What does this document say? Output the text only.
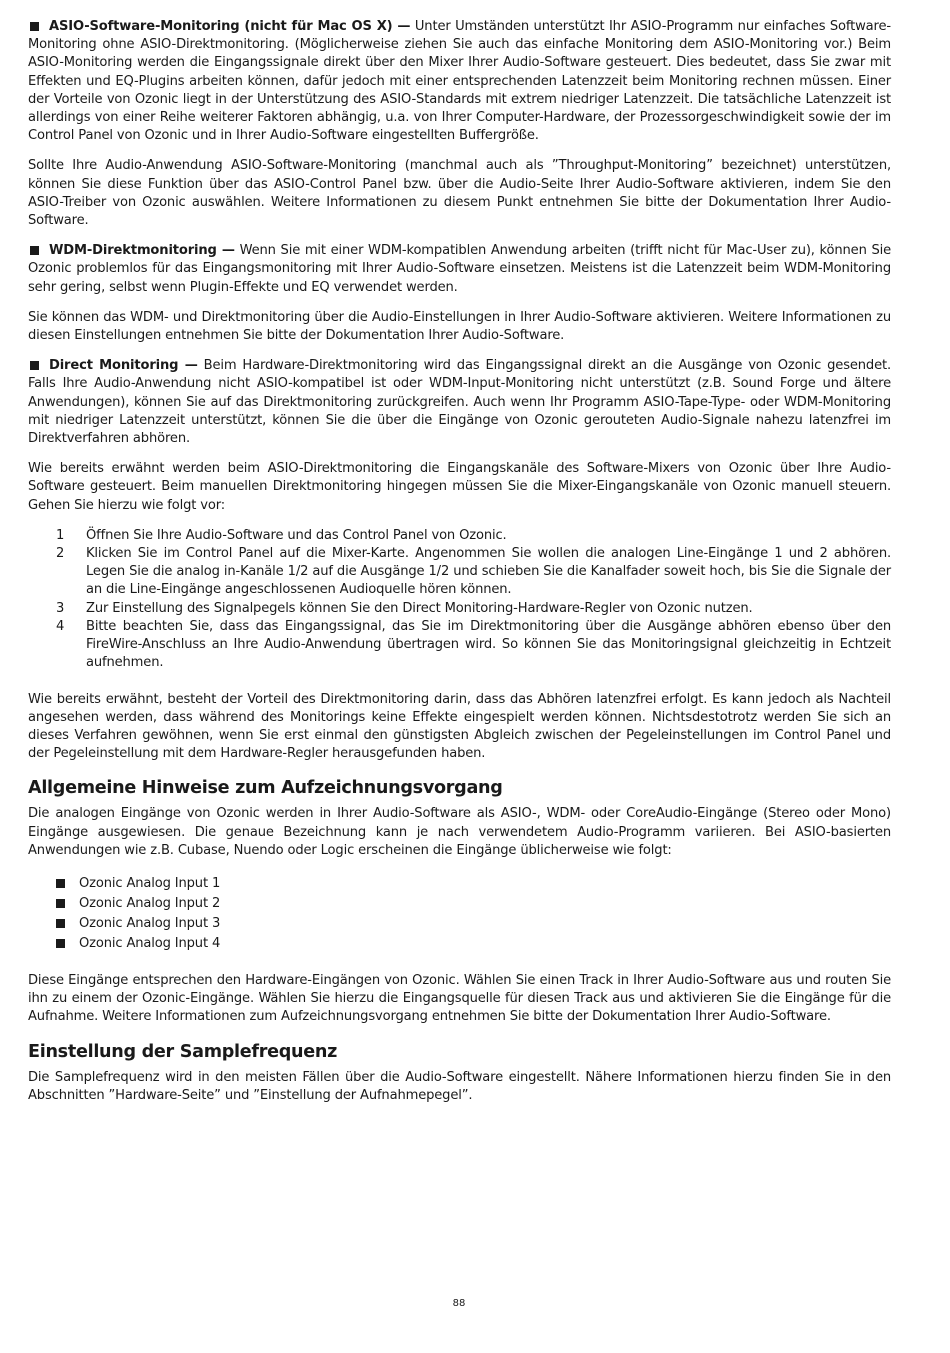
ASIO-Software-Monitoring (nicht für Mac OS X) — Unter Umständen unterstützt Ihr ASIO-Programm nur einfaches Software-Monitoring ohne ASIO-Direktmonitoring. (Möglicherweise ziehen Sie auch das einfache Monitoring dem ASIO-Monitoring vor.) Beim ASIO-Monitoring werden die Eingangssignale direkt über den Mixer Ihrer Audio-Software gesteuert. Dies bedeutet, dass Sie zwar mit Effekten und EQ-Plugins arbeiten können, dafür jedoch mit einer entsprechenden Latenzzeit beim Monitoring rechnen müssen. Einer der Vorteile von Ozonic liegt in der Unterstützung des ASIO-Standards mit extrem niedriger Latenzzeit. Die tatsächliche Latenzzeit ist allerdings von einer Reihe weiterer Faktoren abhängig, u.a. von Ihrer Computer-Hardware, der Prozessorgeschwindigkeit sowie der im Control Panel von Ozonic und in Ihrer Audio-Software eingestellten Buffergröße.

Sollte Ihre Audio-Anwendung ASIO-Software-Monitoring (manchmal auch als ”Throughput-Monitoring” bezeichnet) unterstützen, können Sie diese Funktion über das ASIO-Control Panel bzw. über die Audio-Seite Ihrer Audio-Software aktivieren, indem Sie den ASIO-Treiber von Ozonic auswählen. Weitere Informationen zu diesem Punkt entnehmen Sie bitte der Dokumentation Ihrer Audio-Software.

WDM-Direktmonitoring — Wenn Sie mit einer WDM-kompatiblen Anwendung arbeiten (trifft nicht für Mac-User zu), können Sie Ozonic problemlos für das Eingangsmonitoring mit Ihrer Audio-Software einsetzen. Meistens ist die Latenzzeit beim WDM-Monitoring sehr gering, selbst wenn Plugin-Effekte und EQ verwendet werden.

Sie können das WDM- und Direktmonitoring über die Audio-Einstellungen in Ihrer Audio-Software aktivieren. Weitere Informationen zu diesen Einstellungen entnehmen Sie bitte der Dokumentation Ihrer Audio-Software.

Direct Monitoring — Beim Hardware-Direktmonitoring wird das Eingangssignal direkt an die Ausgänge von Ozonic gesendet. Falls Ihre Audio-Anwendung nicht ASIO-kompatibel ist oder WDM-Input-Monitoring nicht unterstützt (z.B. Sound Forge und ältere Anwendungen), können Sie auf das Direktmonitoring zurückgreifen. Auch wenn Ihr Programm ASIO-Tape-Type- oder WDM-Monitoring mit niedriger Latenzzeit unterstützt, können Sie die über die Eingänge von Ozonic gerouteten Audio-Signale nahezu latenzfrei im Direktverfahren abhören.

Wie bereits erwähnt werden beim ASIO-Direktmonitoring die Eingangskanäle des Software-Mixers von Ozonic über Ihre Audio-Software gesteuert. Beim manuellen Direktmonitoring hingegen müssen Sie die Mixer-Eingangskanäle von Ozonic manuell steuern. Gehen Sie hierzu wie folgt vor:

1 Öffnen Sie Ihre Audio-Software und das Control Panel von Ozonic.
2 Klicken Sie im Control Panel auf die Mixer-Karte. Angenommen Sie wollen die analogen Line-Eingänge 1 und 2 abhören. Legen Sie die analog in-Kanäle 1/2 auf die Ausgänge 1/2 und schieben Sie die Kanalfader soweit hoch, bis Sie die Signale der an die Line-Eingänge angeschlossenen Audioquelle hören können.
3 Zur Einstellung des Signalpegels können Sie den Direct Monitoring-Hardware-Regler von Ozonic nutzen.
4 Bitte beachten Sie, dass das Eingangssignal, das Sie im Direktmonitoring über die Ausgänge abhören ebenso über den FireWire-Anschluss an Ihre Audio-Anwendung übertragen wird. So können Sie das Monitoringsignal gleichzeitig in Echtzeit aufnehmen.

Wie bereits erwähnt, besteht der Vorteil des Direktmonitoring darin, dass das Abhören latenzfrei erfolgt. Es kann jedoch als Nachteil angesehen werden, dass während des Monitorings keine Effekte eingespielt werden können. Nichtsdestotrotz werden Sie sich an dieses Verfahren gewöhnen, wenn Sie erst einmal den günstigsten Abgleich zwischen der Pegeleinstellungen im Control Panel und der Pegeleinstellung mit dem Hardware-Regler herausgefunden haben.

Allgemeine Hinweise zum Aufzeichnungsvorgang

Die analogen Eingänge von Ozonic werden in Ihrer Audio-Software als ASIO-, WDM- oder CoreAudio-Eingänge (Stereo oder Mono) Eingänge ausgewiesen. Die genaue Bezeichnung kann je nach verwendetem Audio-Programm variieren. Bei ASIO-basierten Anwendungen wie z.B. Cubase, Nuendo oder Logic erscheinen die Eingänge üblicherweise wie folgt:

Ozonic Analog Input 1
Ozonic Analog Input 2
Ozonic Analog Input 3
Ozonic Analog Input 4

Diese Eingänge entsprechen den Hardware-Eingängen von Ozonic. Wählen Sie einen Track in Ihrer Audio-Software aus und routen Sie ihn zu einem der Ozonic-Eingänge. Wählen Sie hierzu die Eingangsquelle für diesen Track aus und aktivieren Sie die Eingänge für die Aufnahme. Weitere Informationen zum Aufzeichnungsvorgang entnehmen Sie bitte der Dokumentation Ihrer Audio-Software.

Einstellung der Samplefrequenz

Die Samplefrequenz wird in den meisten Fällen über die Audio-Software eingestellt. Nähere Informationen hierzu finden Sie in den Abschnitten ”Hardware-Seite” und ”Einstellung der Aufnahmepegel”.

88
